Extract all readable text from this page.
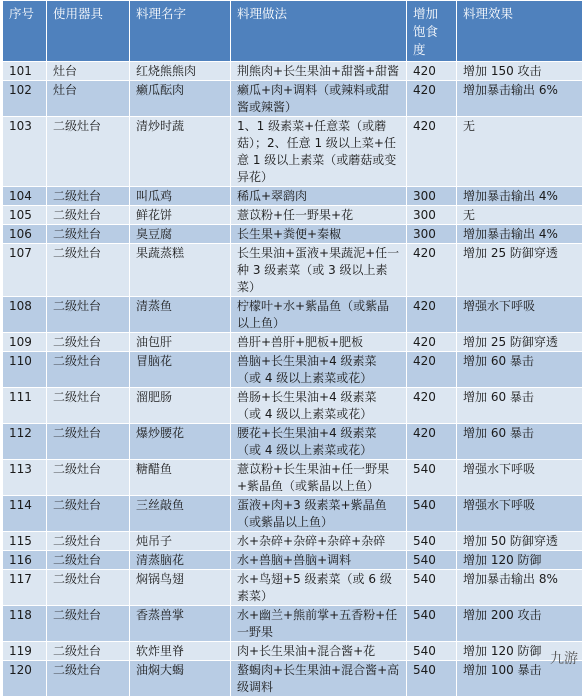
序号	使用器具	料理名字	料理做法	增加饱食度	料理效果
101	灶台	红烧熊熊肉	荆熊肉+长生果油+甜酱+甜酱	420	增加 150 攻击
102	灶台	癞瓜酝肉	癞瓜+肉+调料（或辣料或甜酱或辣酱）	420	增加暴击输出 6%
103	二级灶台	清炒时蔬	1、1 级素菜+任意菜（或蘑菇）；2、任意 1 级以上菜+任意 1 级以上素菜（或蘑菇或变异花）	420	无
104	二级灶台	叫瓜鸡	稀瓜+翠鹞肉	300	增加暴击输出 4%
105	二级灶台	鲜花饼	薏苡粉+任一野果+花	300	无
106	二级灶台	臭豆腐	长生果+粪便+秦椒	300	增加暴击输出 4%
107	二级灶台	果蔬蒸糕	长生果油+蛋液+果蔬泥+任一种 3 级素菜（或 3 级以上素菜）	420	增加 25 防御穿透
108	二级灶台	清蒸鱼	柠檬叶+水+紫晶鱼（或紫晶以上鱼）	420	增强水下呼吸
109	二级灶台	油包肝	兽肝+兽肝+肥板+肥板	420	增加 25 防御穿透
110	二级灶台	冒脑花	兽脑+长生果油+4 级素菜（或 4 级以上素菜或花）	420	增加 60 暴击
111	二级灶台	溜肥肠	兽肠+长生果油+4 级素菜（或 4 级以上素菜或花）	420	增加 60 暴击
112	二级灶台	爆炒腰花	腰花+长生果油+4 级素菜（或 4 级以上素菜或花）	420	增加 60 暴击
113	二级灶台	糖醋鱼	薏苡粉+长生果油+任一野果+紫晶鱼（或紫晶以上鱼）	540	增强水下呼吸
114	二级灶台	三丝敲鱼	蛋液+肉+3 级素菜+紫晶鱼（或紫晶以上鱼）	540	增强水下呼吸
115	二级灶台	炖吊子	水+杂碎+杂碎+杂碎+杂碎	540	增加 50 防御穿透
116	二级灶台	清蒸脑花	水+兽脑+兽脑+调料	540	增加 120 防御
117	二级灶台	焖锅鸟翅	水+鸟翅+5 级素菜（或 6 级素菜）	540	增加暴击输出 8%
118	二级灶台	香蒸兽掌	水+幽兰+熊前掌+五香粉+任一野果	540	增加 200 攻击
119	二级灶台	软炸里脊	肉+长生果油+混合酱+花	540	增加 120 防御
120	二级灶台	油焖大蝎	螯蝎肉+长生果油+混合酱+高级调料	540	增加 100 暴击
九游
